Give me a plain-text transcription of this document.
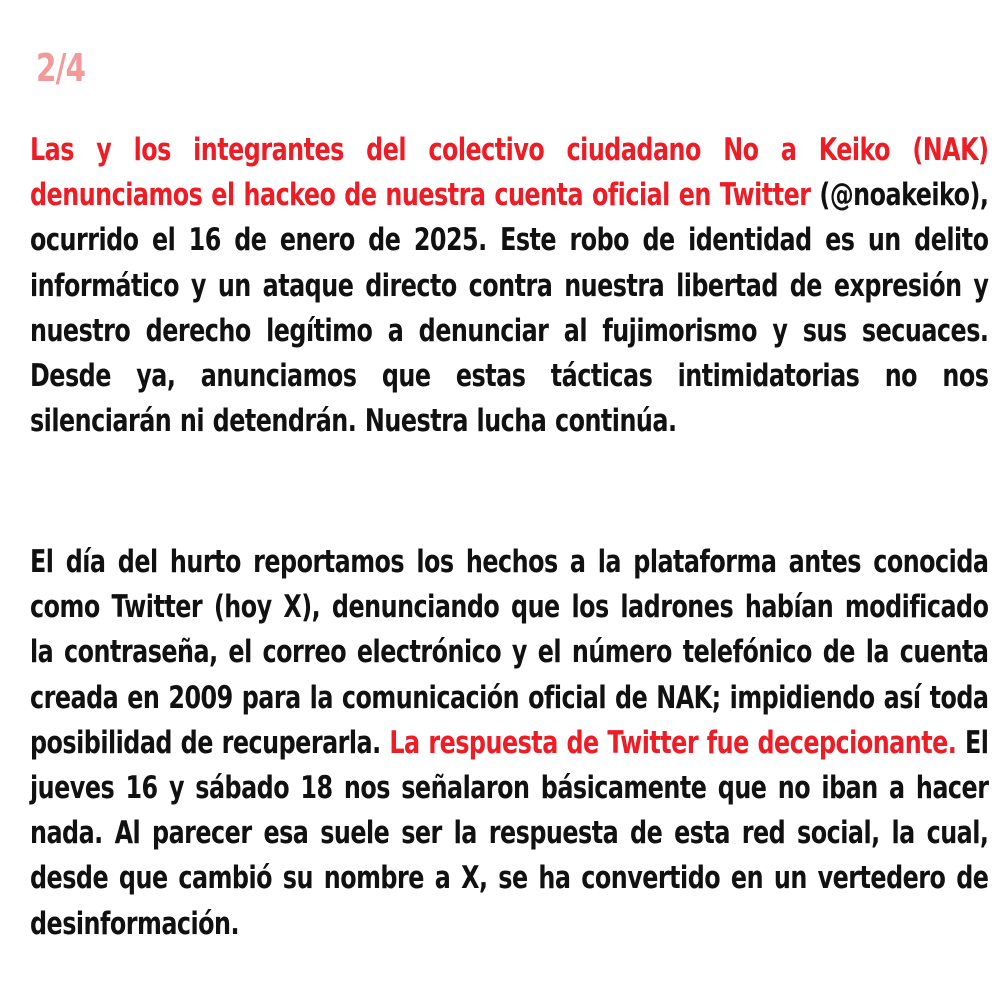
2/4

Las y los integrantes del colectivo ciudadano No a Keiko (NAK) denunciamos el hackeo de nuestra cuenta oficial en Twitter (@noakeiko), ocurrido el 16 de enero de 2025. Este robo de identidad es un delito informático y un ataque directo contra nuestra libertad de expresión y nuestro derecho legítimo a denunciar al fujimorismo y sus secuaces. Desde ya, anunciamos que estas tácticas intimidatorias no nos silenciarán ni detendrán. Nuestra lucha continúa.

El día del hurto reportamos los hechos a la plataforma antes conocida como Twitter (hoy X), denunciando que los ladrones habían modificado la contraseña, el correo electrónico y el número telefónico de la cuenta creada en 2009 para la comunicación oficial de NAK; impidiendo así toda posibilidad de recuperarla. La respuesta de Twitter fue decepcionante. El jueves 16 y sábado 18 nos señalaron básicamente que no iban a hacer nada. Al parecer esa suele ser la respuesta de esta red social, la cual, desde que cambió su nombre a X, se ha convertido en un vertedero de desinformación.
